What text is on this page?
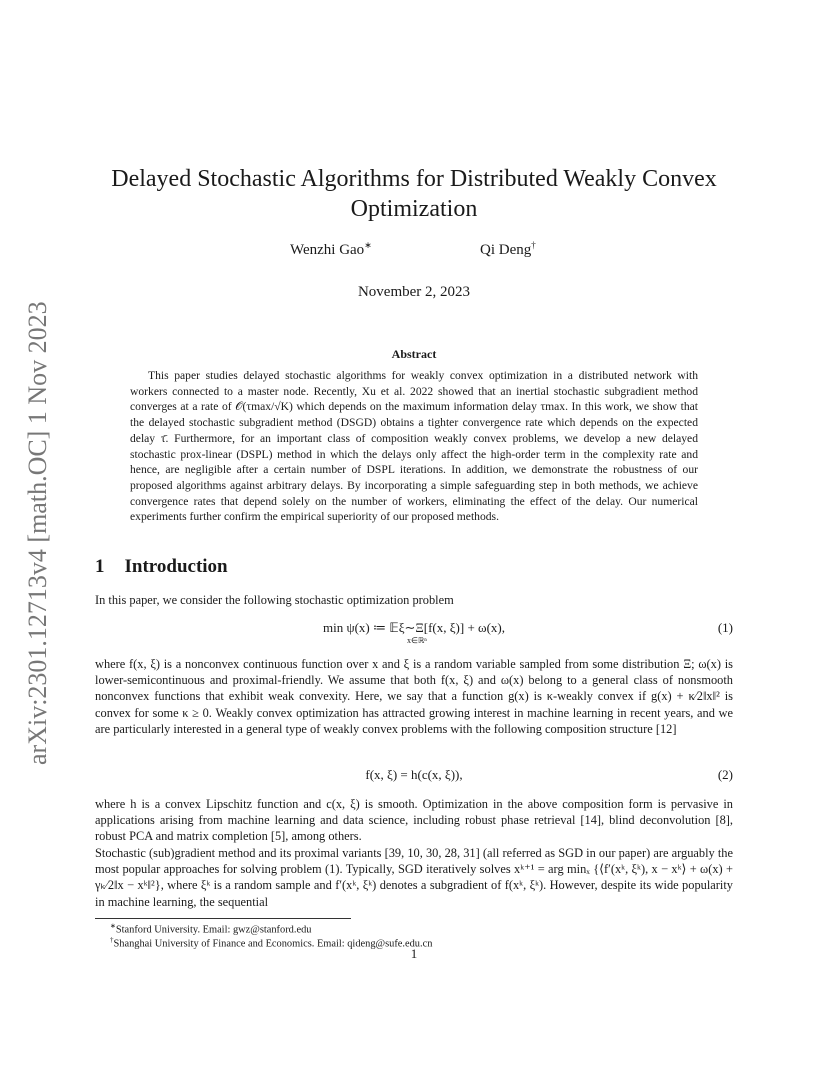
arXiv:2301.12713v4 [math.OC] 1 Nov 2023
Delayed Stochastic Algorithms for Distributed Weakly Convex Optimization
Wenzhi Gao∗	Qi Deng†
November 2, 2023
Abstract

This paper studies delayed stochastic algorithms for weakly convex optimization in a distributed network with workers connected to a master node. Recently, Xu et al. 2022 showed that an inertial stochastic subgradient method converges at a rate of 𝒪(τmax/√K) which depends on the maximum information delay τmax. In this work, we show that the delayed stochastic subgradient method (DSGD) obtains a tighter convergence rate which depends on the expected delay τ̄. Furthermore, for an important class of composition weakly convex problems, we develop a new delayed stochastic prox-linear (DSPL) method in which the delays only affect the high-order term in the complexity rate and hence, are negligible after a certain number of DSPL iterations. In addition, we demonstrate the robustness of our proposed algorithms against arbitrary delays. By incorporating a simple safeguarding step in both methods, we achieve convergence rates that depend solely on the number of workers, eliminating the effect of the delay. Our numerical experiments further confirm the empirical superiority of our proposed methods.

1 Introduction

In this paper, we consider the following stochastic optimization problem

min ψ(x) ≔ 𝔼ξ∼Ξ[f(x, ξ)] + ω(x),
x∈ℝⁿ
(1)

where f(x, ξ) is a nonconvex continuous function over x and ξ is a random variable sampled from some distribution Ξ; ω(x) is lower-semicontinuous and proximal-friendly. We assume that both f(x, ξ) and ω(x) belong to a general class of nonsmooth nonconvex functions that exhibit weak convexity. Here, we say that a function g(x) is κ-weakly convex if g(x) + κ⁄2‖x‖² is convex for some κ ≥ 0. Weakly convex optimization has attracted growing interest in machine learning in recent years, and we are particularly interested in a general type of weakly convex problems with the following composition structure [12]

f(x, ξ) = h(c(x, ξ)),	(2)

where h is a convex Lipschitz function and c(x, ξ) is smooth. Optimization in the above composition form is pervasive in applications arising from machine learning and data science, including robust phase retrieval [14], blind deconvolution [8], robust PCA and matrix completion [5], among others.

Stochastic (sub)gradient method and its proximal variants [39, 10, 30, 28, 31] (all referred as SGD in our paper) are arguably the most popular approaches for solving problem (1). Typically, SGD iteratively solves xᵏ⁺¹ = arg minₓ {⟨f′(xᵏ, ξᵏ), x − xᵏ⟩ + ω(x) + γₖ⁄2‖x − xᵏ‖²}, where ξᵏ is a random sample and f′(xᵏ, ξᵏ) denotes a subgradient of f(xᵏ, ξᵏ). However, despite its wide popularity in machine learning, the sequential

∗Stanford University. Email: gwz@stanford.edu
†Shanghai University of Finance and Economics. Email: qideng@sufe.edu.cn
1
